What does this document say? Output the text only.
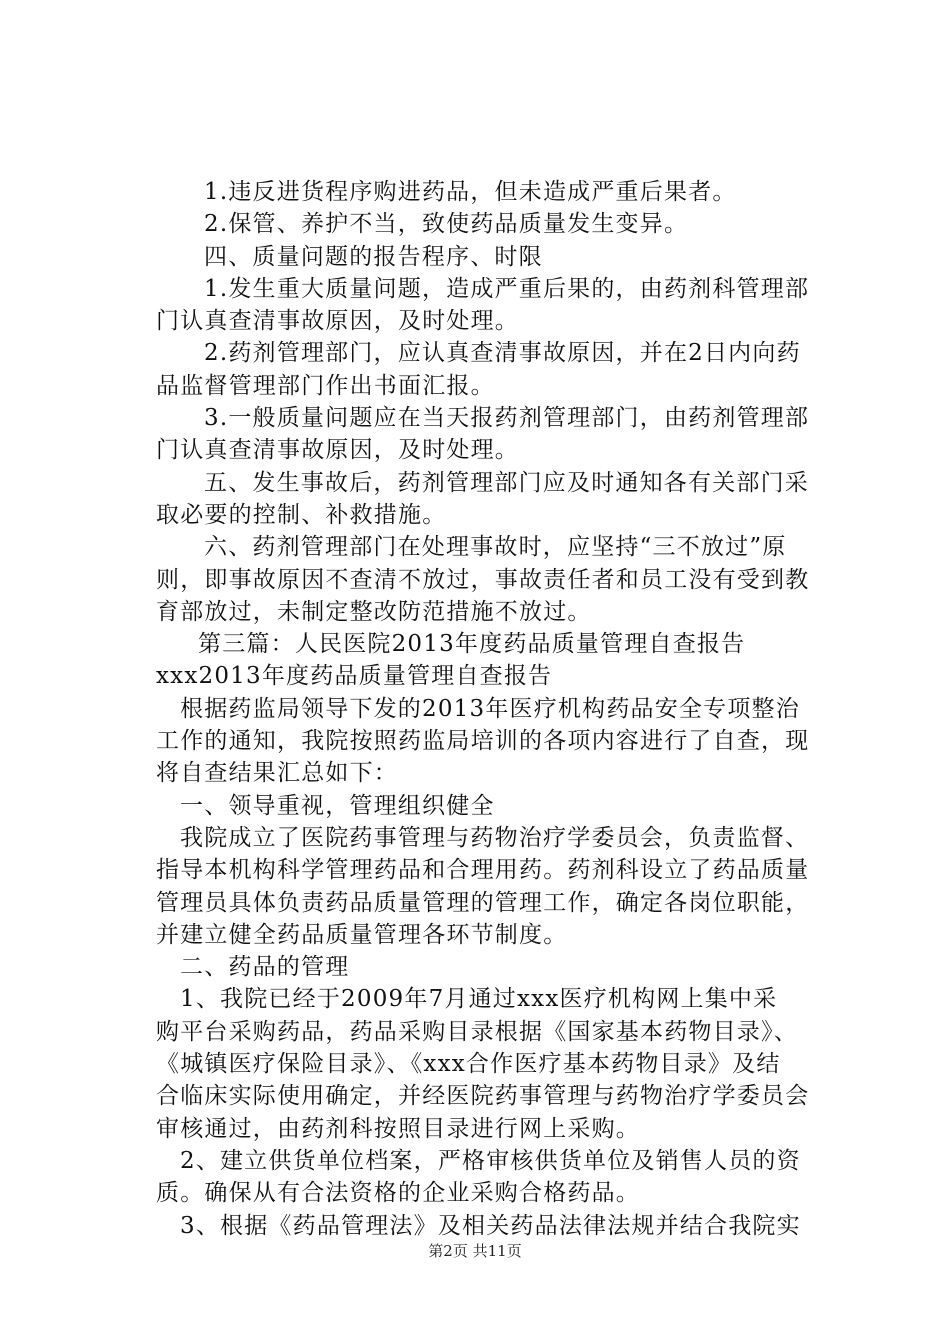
1.违反进货程序购进药品，但未造成严重后果者。
2.保管、养护不当，致使药品质量发生变异。
四、质量问题的报告程序、时限
1.发生重大质量问题，造成严重后果的，由药剂科管理部
门认真查清事故原因，及时处理。
2.药剂管理部门，应认真查清事故原因，并在2日内向药
品监督管理部门作出书面汇报。
3.一般质量问题应在当天报药剂管理部门，由药剂管理部
门认真查清事故原因，及时处理。
五、发生事故后，药剂管理部门应及时通知各有关部门采
取必要的控制、补救措施。
六、药剂管理部门在处理事故时，应坚持“三不放过”原
则，即事故原因不查清不放过，事故责任者和员工没有受到教
育部放过，未制定整改防范措施不放过。
第三篇：人民医院2013年度药品质量管理自查报告
xxx2013年度药品质量管理自查报告
根据药监局领导下发的2013年医疗机构药品安全专项整治
工作的通知，我院按照药监局培训的各项内容进行了自查，现
将自查结果汇总如下：
一、领导重视，管理组织健全
我院成立了医院药事管理与药物治疗学委员会，负责监督、
指导本机构科学管理药品和合理用药。药剂科设立了药品质量
管理员具体负责药品质量管理的管理工作，确定各岗位职能，
并建立健全药品质量管理各环节制度。
二、药品的管理
1、我院已经于2009年7月通过xxx医疗机构网上集中采
购平台采购药品，药品采购目录根据《国家基本药物目录》、
《城镇医疗保险目录》、《xxx合作医疗基本药物目录》及结
合临床实际使用确定，并经医院药事管理与药物治疗学委员会
审核通过，由药剂科按照目录进行网上采购。
2、建立供货单位档案，严格审核供货单位及销售人员的资
质。确保从有合法资格的企业采购合格药品。
3、根据《药品管理法》及相关药品法律法规并结合我院实
第2页 共11页
